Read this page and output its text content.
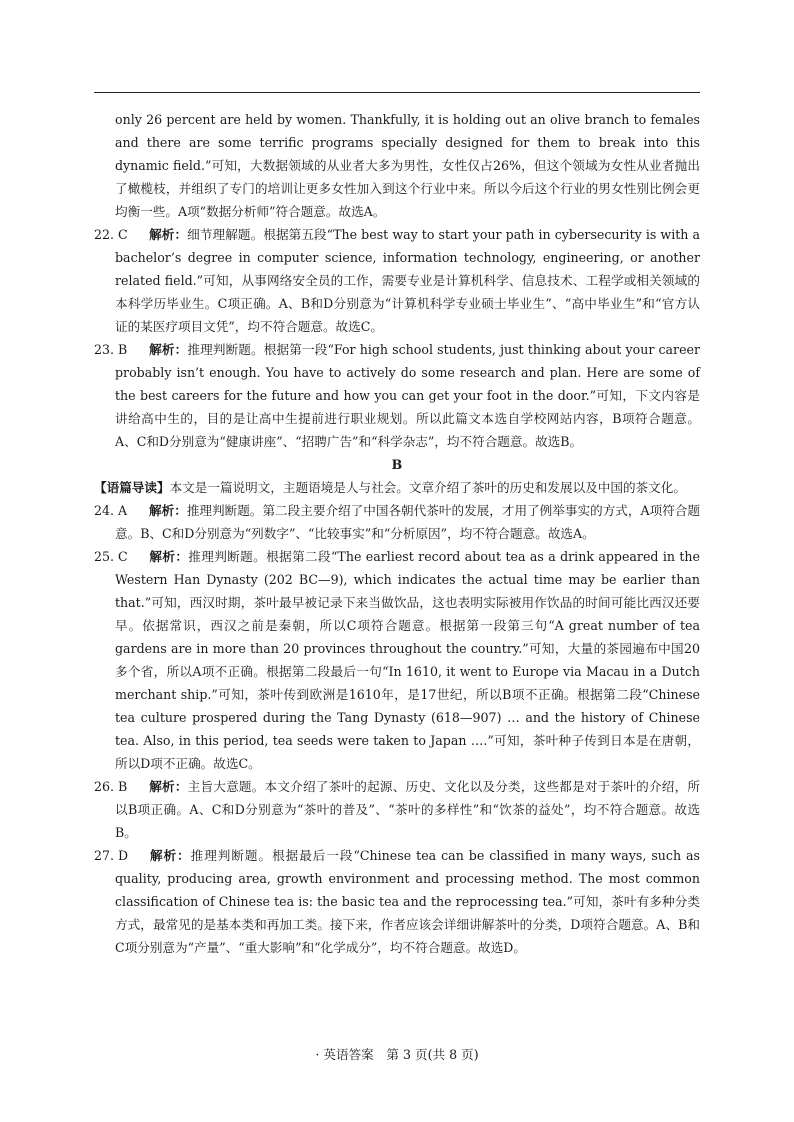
only 26 percent are held by women. Thankfully, it is holding out an olive branch to females and there are some terrific programs specially designed for them to break into this dynamic field.”可知，大数据领域的从业者大多为男性，女性仅占26%，但这个领域为女性从业者抛出了橄榄枝，并组织了专门的培训让更多女性加入到这个行业中来。所以今后这个行业的男女性别比例会更均衡一些。A项“数据分析师”符合题意。故选A。
22. C 解析：细节理解题。根据第五段“The best way to start your path in cybersecurity is with a bachelor’s degree in computer science, information technology, engineering, or another related field.”可知，从事网络安全员的工作，需要专业是计算机科学、信息技术、工程学或相关领域的本科学历毕业生。C项正确。A、B和D分别意为“计算机科学专业硕士毕业生”、“高中毕业生”和“官方认证的某医疗项目文凭”，均不符合题意。故选C。
23. B 解析：推理判断题。根据第一段“For high school students, just thinking about your career probably isn’t enough. You have to actively do some research and plan. Here are some of the best careers for the future and how you can get your foot in the door.”可知，下文内容是讲给高中生的，目的是让高中生提前进行职业规划。所以此篇文本选自学校网站内容，B项符合题意。A、C和D分别意为“健康讲座”、“招聘广告”和“科学杂志”，均不符合题意。故选B。
B
【语篇导读】本文是一篇说明文，主题语境是人与社会。文章介绍了茶叶的历史和发展以及中国的茶文化。
24. A 解析：推理判断题。第二段主要介绍了中国各朝代茶叶的发展，才用了例举事实的方式，A项符合题意。B、C和D分别意为“列数字”、“比较事实”和“分析原因”，均不符合题意。故选A。
25. C 解析：推理判断题。根据第二段“The earliest record about tea as a drink appeared in the Western Han Dynasty (202 BC—9), which indicates the actual time may be earlier than that.”可知，西汉时期，茶叶最早被记录下来当做饮品，这也表明实际被用作饮品的时间可能比西汉还要早。依据常识，西汉之前是秦朝，所以C项符合题意。根据第一段第三句“A great number of tea gardens are in more than 20 provinces throughout the country.”可知，大量的茶园遍布中国20多个省，所以A项不正确。根据第二段最后一句“In 1610, it went to Europe via Macau in a Dutch merchant ship.”可知，茶叶传到欧洲是1610年，是17世纪，所以B项不正确。根据第二段“Chinese tea culture prospered during the Tang Dynasty (618—907) … and the history of Chinese tea. Also, in this period, tea seeds were taken to Japan ….”可知，茶叶种子传到日本是在唐朝，所以D项不正确。故选C。
26. B 解析：主旨大意题。本文介绍了茶叶的起源、历史、文化以及分类，这些都是对于茶叶的介绍，所以B项正确。A、C和D分别意为“茶叶的普及”、“茶叶的多样性”和“饮茶的益处”，均不符合题意。故选B。
27. D 解析：推理判断题。根据最后一段“Chinese tea can be classified in many ways, such as quality, producing area, growth environment and processing method. The most common classification of Chinese tea is: the basic tea and the reprocessing tea.”可知，茶叶有多种分类方式，最常见的是基本类和再加工类。接下来，作者应该会详细讲解茶叶的分类，D项符合题意。A、B和C项分别意为“产量”、“重大影响”和“化学成分”，均不符合题意。故选D。
· 英语答案　第 3 页(共 8 页)
